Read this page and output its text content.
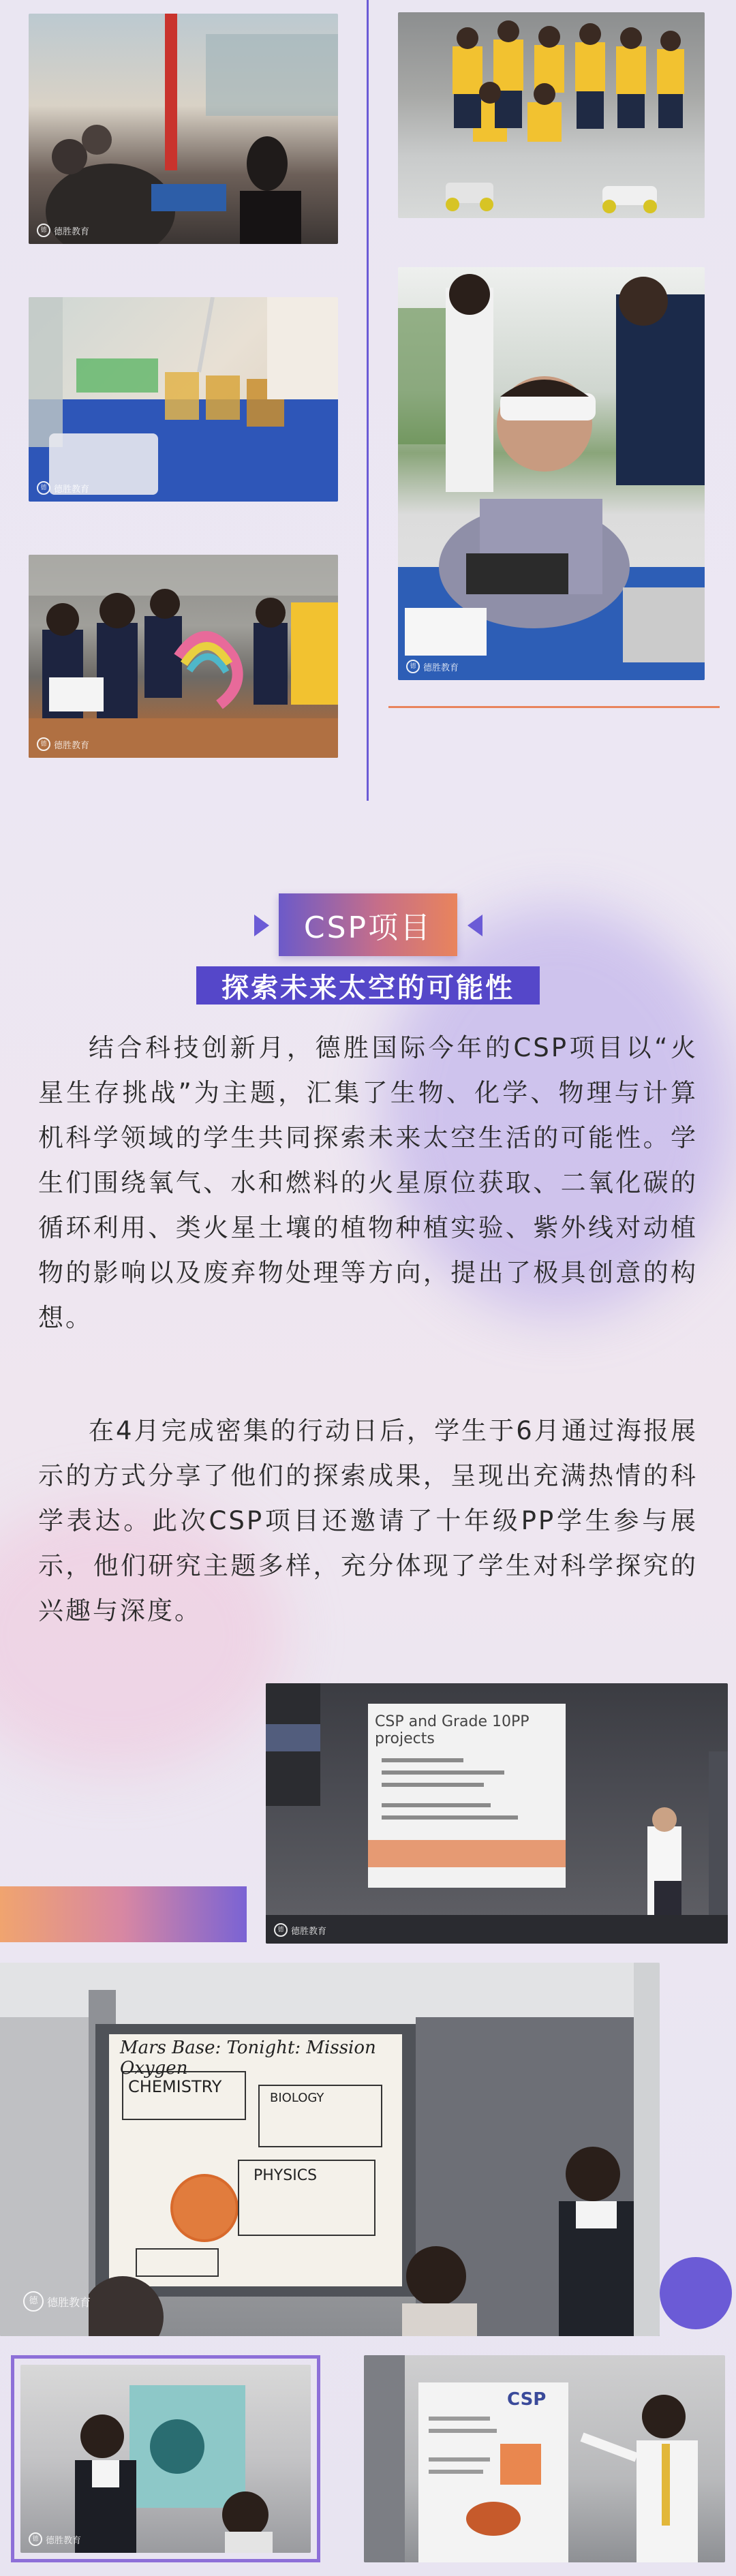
德 德胜教育
德 德胜教育
德 德胜教育
德 德胜教育
CSP项目
探索未来太空的可能性

结合科技创新月，德胜国际今年的CSP项目以“火星生存挑战”为主题，汇集了生物、化学、物理与计算机科学领域的学生共同探索未来太空生活的可能性。学生们围绕氧气、水和燃料的火星原位获取、二氧化碳的循环利用、类火星土壤的植物种植实验、紫外线对动植物的影响以及废弃物处理等方向，提出了极具创意的构想。

在4月完成密集的行动日后，学生于6月通过海报展示的方式分享了他们的探索成果，呈现出充满热情的科学表达。此次CSP项目还邀请了十年级PP学生参与展示，他们研究主题多样，充分体现了学生对科学探究的兴趣与深度。

CSP and Grade 10PP projects
德 德胜教育
Mars Base: Tonight: Mission Oxygen
CHEMISTRY
BIOLOGY
PHYSICS
德 德胜教育
德 德胜教育
CSP
